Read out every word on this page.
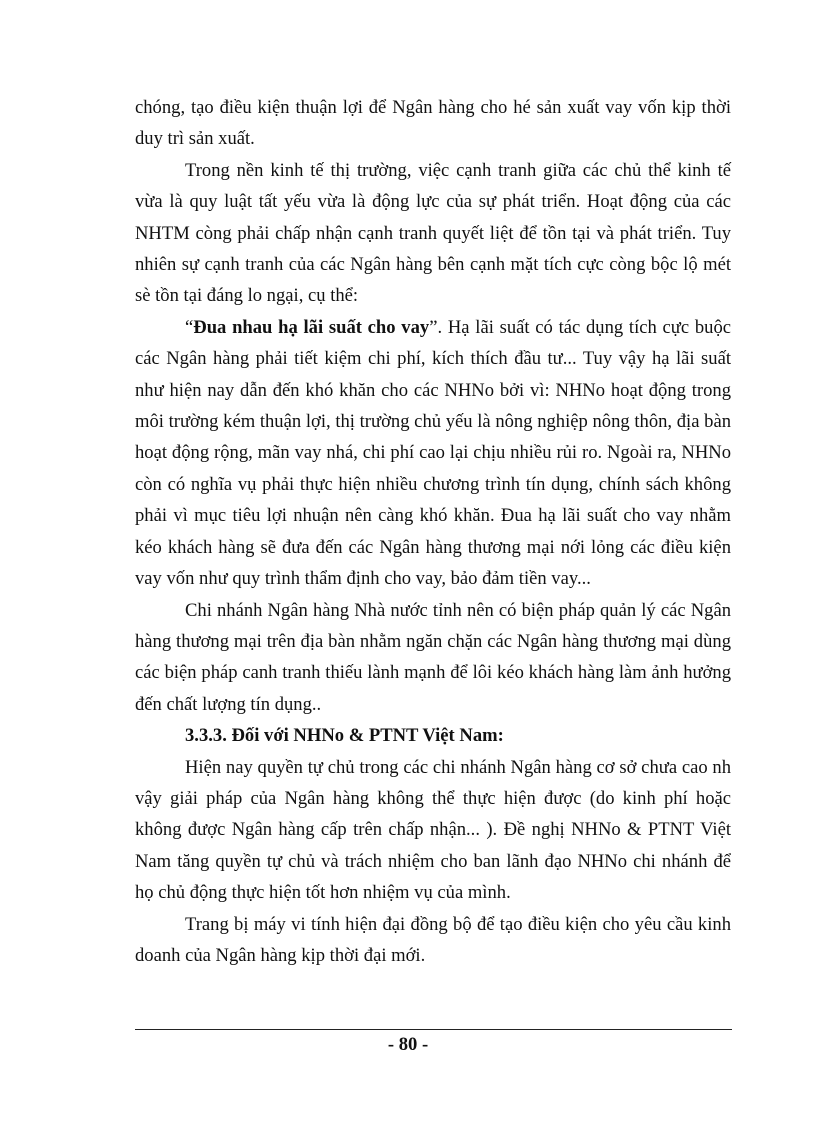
chóng, tạo điều kiện thuận lợi để Ngân hàng cho hé sản xuất vay vốn kịp thời duy trì sản xuất.

Trong nền kinh tế thị trường, việc cạnh tranh giữa các chủ thể kinh tế vừa là quy luật tất yếu vừa là động lực của sự phát triển. Hoạt động của các NHTM còng phải chấp nhận cạnh tranh quyết liệt để tồn tại và phát triển. Tuy nhiên sự cạnh tranh của các Ngân hàng bên cạnh mặt tích cực còng bộc lộ mét sè tồn tại đáng lo ngại, cụ thể:

“Đua nhau hạ lãi suất cho vay”. Hạ lãi suất có tác dụng tích cực buộc các Ngân hàng phải tiết kiệm chi phí, kích thích đầu tư... Tuy vậy hạ lãi suất như hiện nay dẫn đến khó khăn cho các NHNo bởi vì: NHNo hoạt động trong môi trường kém thuận lợi, thị trường chủ yếu là nông nghiệp nông thôn, địa bàn hoạt động rộng, mãn vay nhá, chi phí cao lại chịu nhiều rủi ro. Ngoài ra, NHNo còn có nghĩa vụ phải thực hiện nhiều chương trình tín dụng, chính sách không phải vì mục tiêu lợi nhuận nên càng khó khăn. Đua hạ lãi suất cho vay nhằm kéo khách hàng sẽ đưa đến các Ngân hàng thương mại nới lỏng các điều kiện vay vốn như quy trình thẩm định cho vay, bảo đảm tiền vay...

Chi nhánh Ngân hàng Nhà nước tỉnh nên có biện pháp quản lý các Ngân hàng thương mại trên địa bàn nhằm ngăn chặn các Ngân hàng thương mại dùng các biện pháp canh tranh thiếu lành mạnh để lôi kéo khách hàng làm ảnh hưởng đến chất lượng tín dụng..

3.3.3. Đối với NHNo & PTNT Việt Nam:

Hiện nay quyền tự chủ trong các chi nhánh Ngân hàng cơ sở chưa cao nh vậy giải pháp của Ngân hàng không thể thực hiện được (do kinh phí hoặc không được Ngân hàng cấp trên chấp nhận... ). Đề nghị NHNo & PTNT Việt Nam tăng quyền tự chủ và trách nhiệm cho ban lãnh đạo NHNo chi nhánh để họ chủ động thực hiện tốt hơn nhiệm vụ của mình.

Trang bị máy vi tính hiện đại đồng bộ để tạo điều kiện cho yêu cầu kinh doanh của Ngân hàng kịp thời đại mới.

- 80 -
